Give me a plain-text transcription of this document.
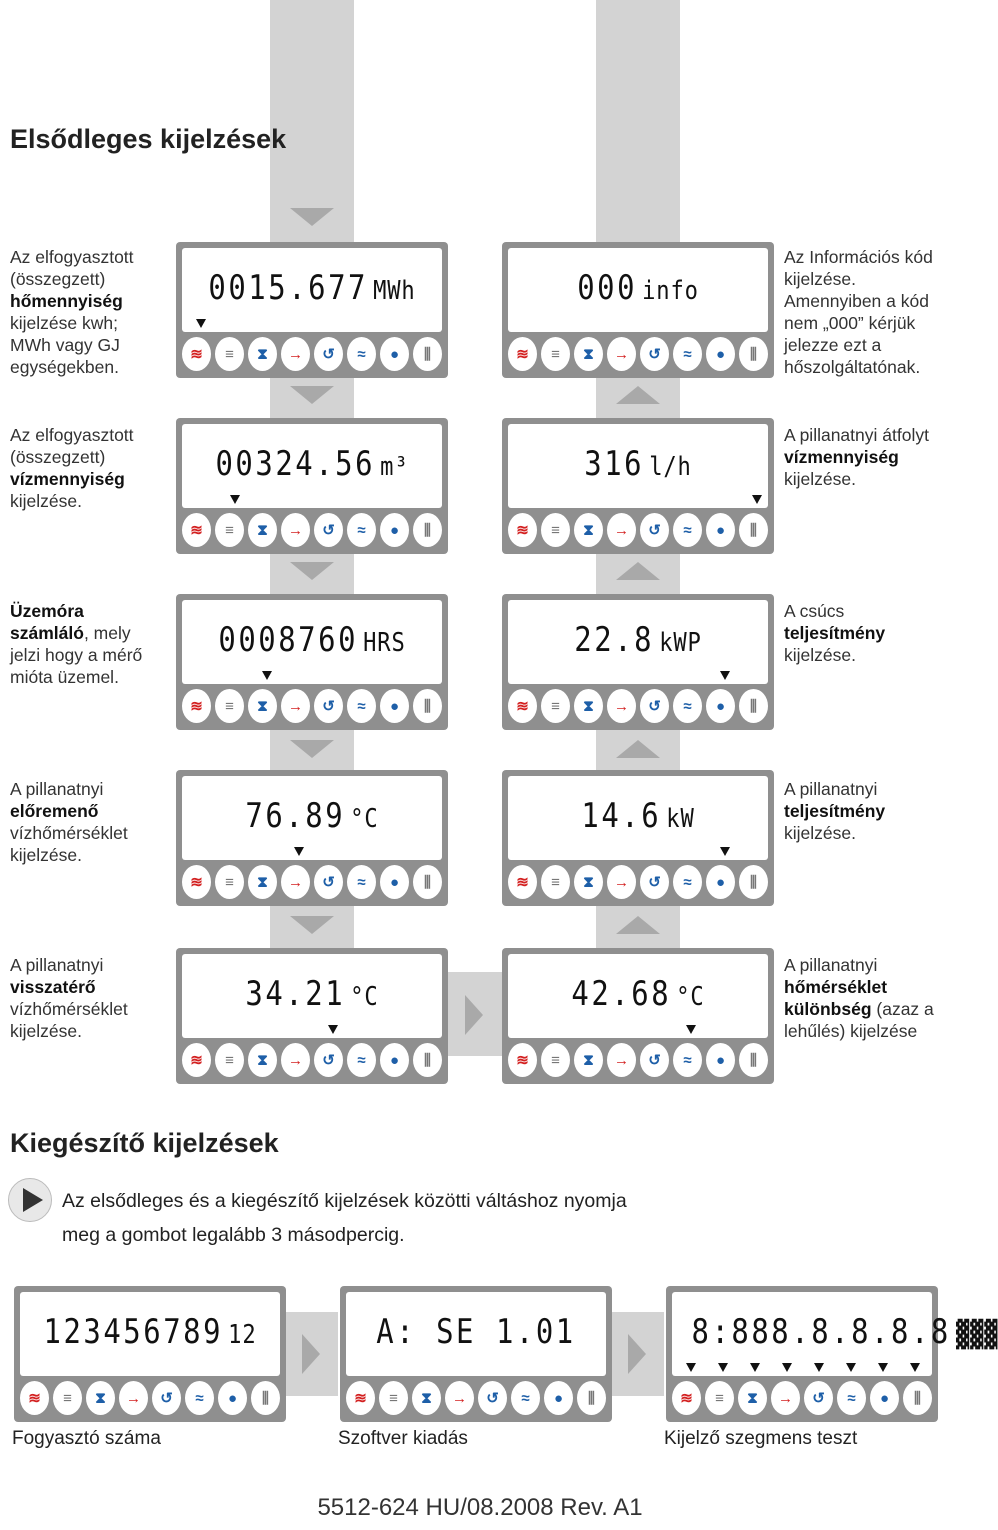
Elsődleges kijelzések
Kiegészítő kijelzések
Az elfogyasztott
(összegzett)
hőmennyiség
kijelzése kwh;
MWh vagy GJ
egységekben.
Az elfogyasztott
(összegzett)
vízmennyiség
kijelzése.
Üzemóra
számláló, mely
jelzi hogy a mérő
mióta üzemel.
A pillanatnyi
előremenő
vízhőmérséklet
kijelzése.
A pillanatnyi
visszatérő
vízhőmérséklet
kijelzése.
Az Információs kód
kijelzése.
Amennyiben a kód
nem „000” kérjük
jelezze ezt a
hőszolgáltatónak.
A pillanatnyi átfolyt
vízmennyiség
kijelzése.
A csúcs
teljesítmény
kijelzése.
A pillanatnyi
teljesítmény
kijelzése.
A pillanatnyi
hőmérséklet
különbség (azaz a
lehűlés) kijelzése
0015.677 MWh
≋	≡	⧗	→	↺	≈	●	⫼
00324.56 m³
≋	≡	⧗	→	↺	≈	●	⫼
0008760 HRS
≋	≡	⧗	→	↺	≈	●	⫼
76.89 °C
≋	≡	⧗	→	↺	≈	●	⫼
34.21 °C
≋	≡	⧗	→	↺	≈	●	⫼
000 info
≋	≡	⧗	→	↺	≈	●	⫼
316 l/h
≋	≡	⧗	→	↺	≈	●	⫼
22.8 kWP
≋	≡	⧗	→	↺	≈	●	⫼
14.6 kW
≋	≡	⧗	→	↺	≈	●	⫼
42.68 °C
≋	≡	⧗	→	↺	≈	●	⫼
123456789 12
≋	≡	⧗	→	↺	≈	●	⫼
A: SE 1.01
≋	≡	⧗	→	↺	≈	●	⫼
8:888.8.8.8.8 ▓▓▓
≋	≡	⧗	→	↺	≈	●	⫼
Az elsődleges és a kiegészítő kijelzések közötti váltáshoz nyomja
meg a gombot legalább 3 másodpercig.
Fogyasztó száma	Szoftver kiadás	Kijelző szegmens teszt
5512-624 HU/08.2008 Rev. A1
